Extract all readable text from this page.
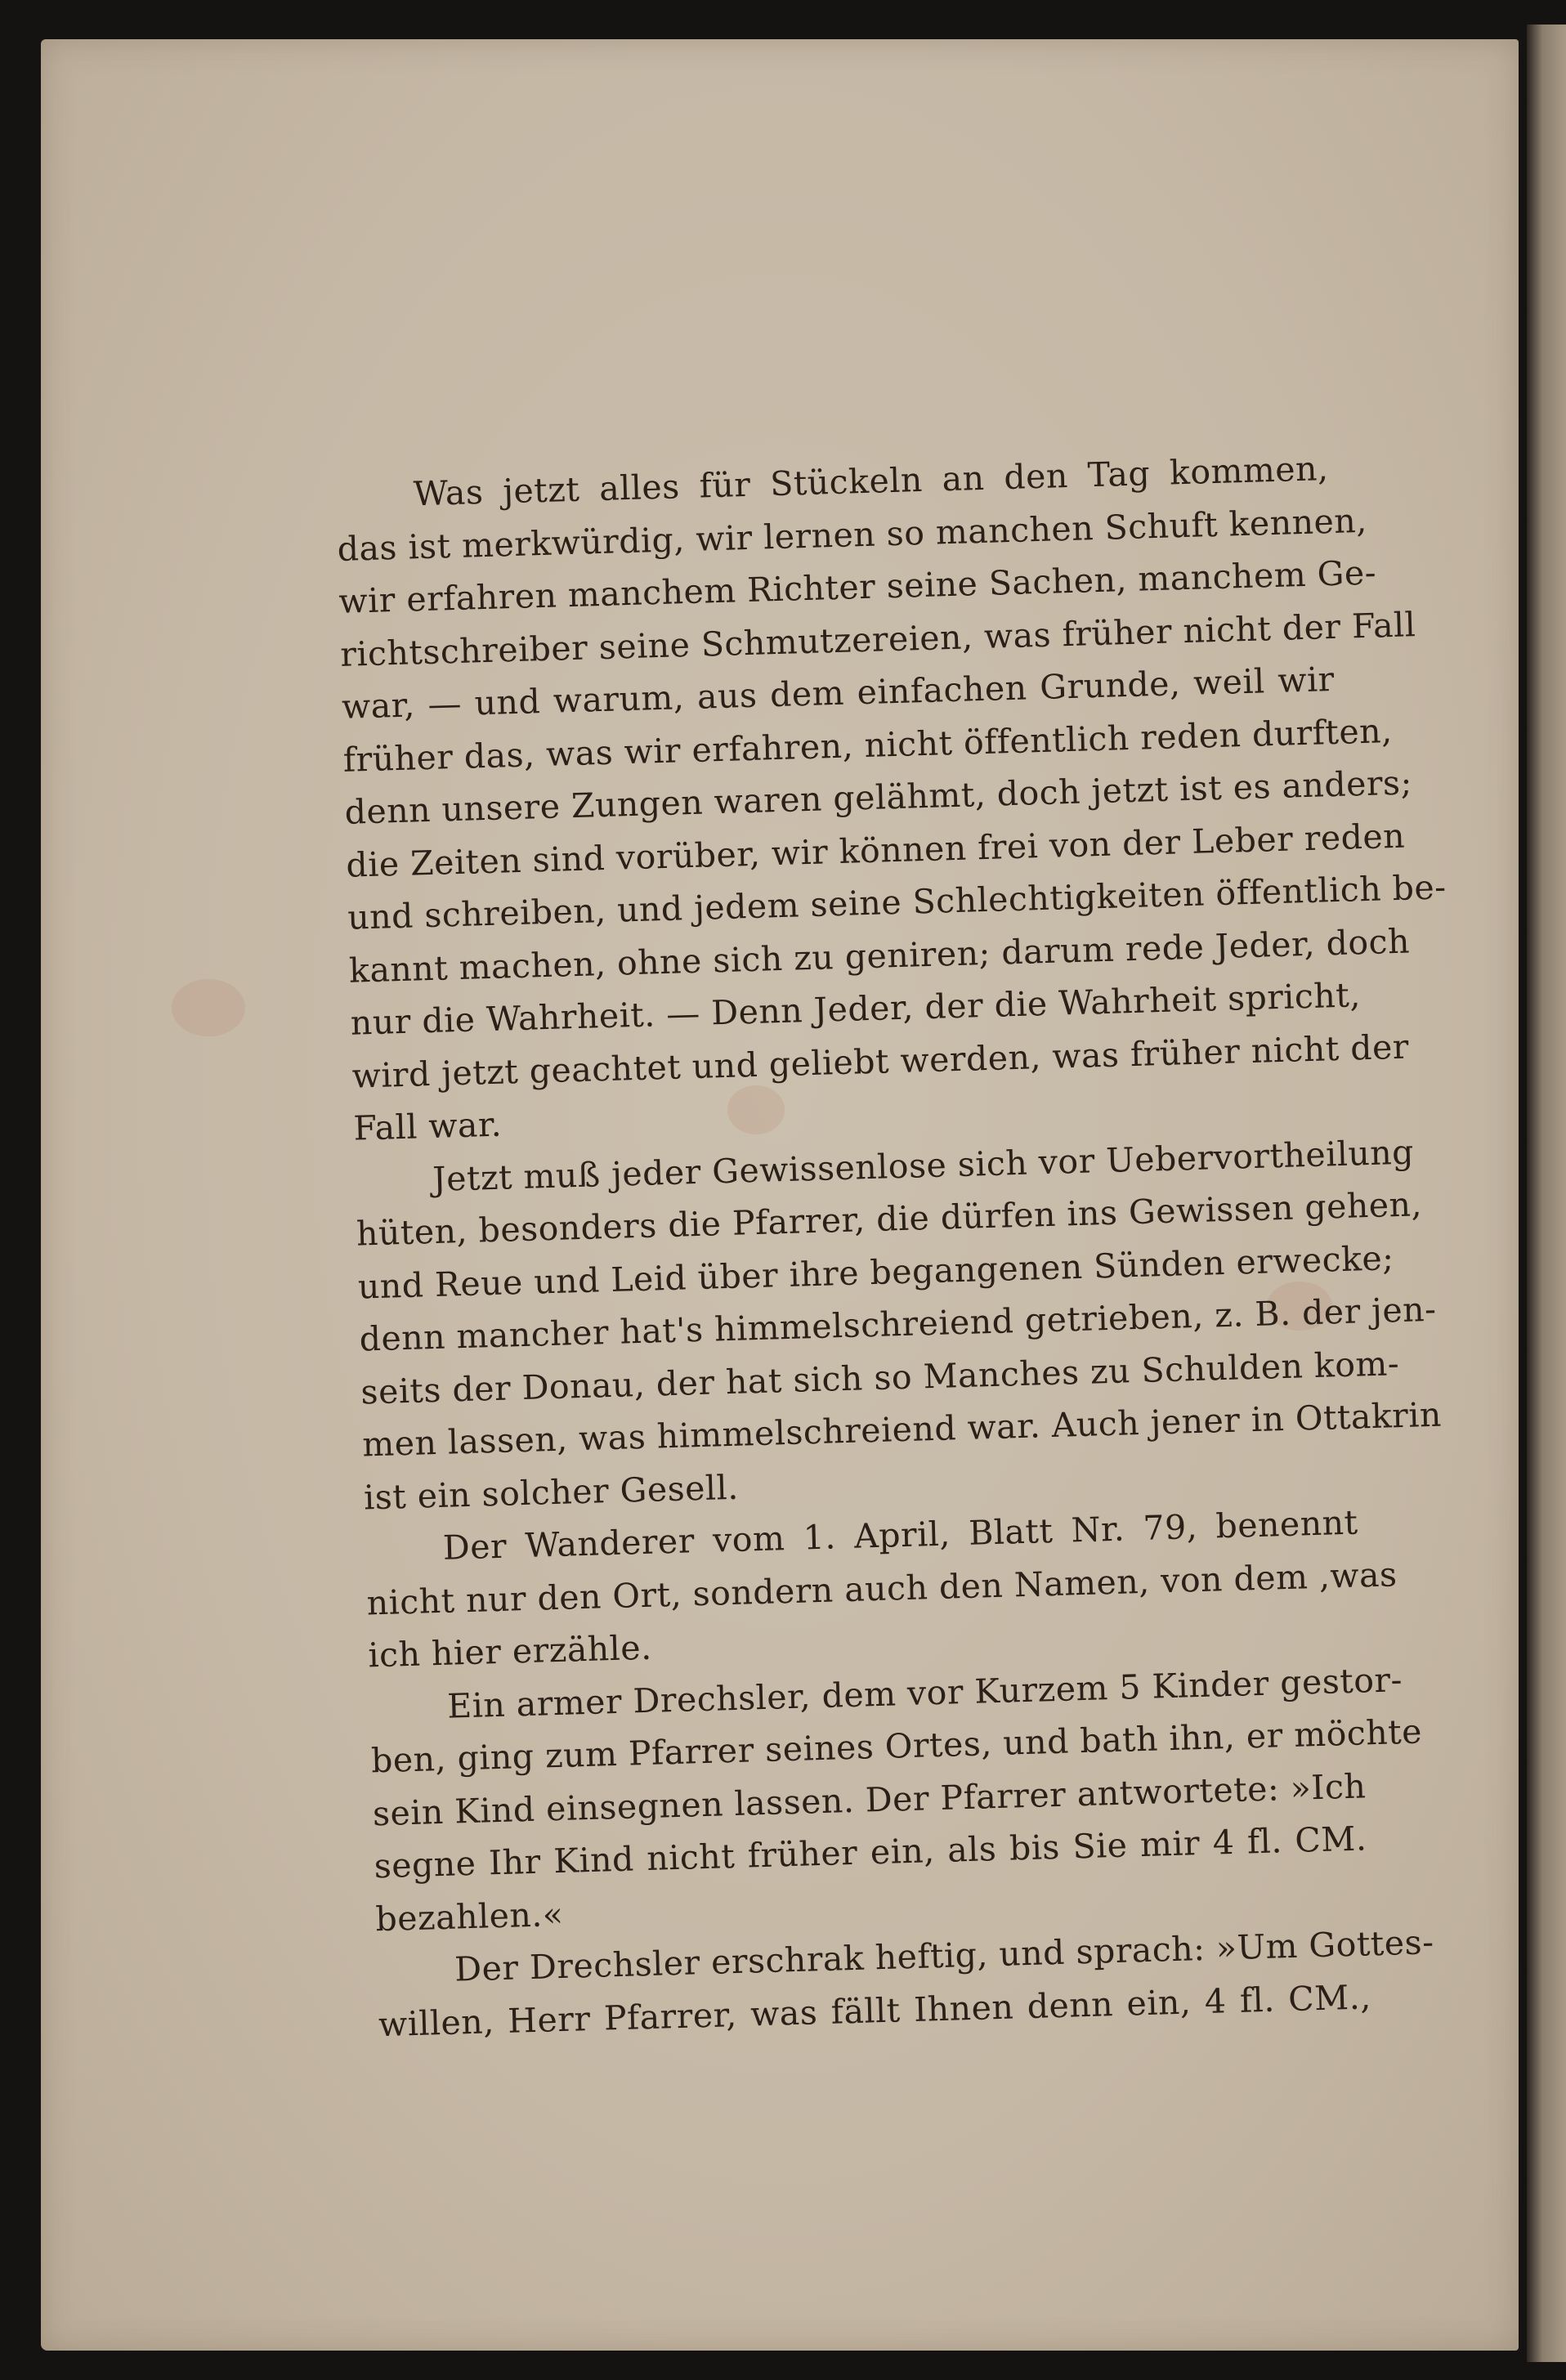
Was jetzt alles für Stückeln an den Tag kommen,
das ist merkwürdig, wir lernen so manchen Schuft kennen,
wir erfahren manchem Richter seine Sachen, manchem Ge-
richtschreiber seine Schmutzereien, was früher nicht der Fall
war, — und warum, aus dem einfachen Grunde, weil wir
früher das, was wir erfahren, nicht öffentlich reden durften,
denn unsere Zungen waren gelähmt, doch jetzt ist es anders;
die Zeiten sind vorüber, wir können frei von der Leber reden
und schreiben, und jedem seine Schlechtigkeiten öffentlich be-
kannt machen, ohne sich zu geniren; darum rede Jeder, doch
nur die Wahrheit. — Denn Jeder, der die Wahrheit spricht,
wird jetzt geachtet und geliebt werden, was früher nicht der
Fall war.
Jetzt muß jeder Gewissenlose sich vor Uebervortheilung
hüten, besonders die Pfarrer, die dürfen ins Gewissen gehen,
und Reue und Leid über ihre begangenen Sünden erwecke;
denn mancher hat's himmelschreiend getrieben, z. B. der jen-
seits der Donau, der hat sich so Manches zu Schulden kom-
men lassen, was himmelschreiend war. Auch jener in Ottakrin
ist ein solcher Gesell.
Der Wanderer vom 1. April, Blatt Nr. 79, benennt
nicht nur den Ort, sondern auch den Namen, von dem ,was
ich hier erzähle.
Ein armer Drechsler, dem vor Kurzem 5 Kinder gestor-
ben, ging zum Pfarrer seines Ortes, und bath ihn, er möchte
sein Kind einsegnen lassen. Der Pfarrer antwortete: »Ich
segne Ihr Kind nicht früher ein, als bis Sie mir 4 fl. CM.
bezahlen.«
Der Drechsler erschrak heftig, und sprach: »Um Gottes-
willen, Herr Pfarrer, was fällt Ihnen denn ein, 4 fl. CM.,
